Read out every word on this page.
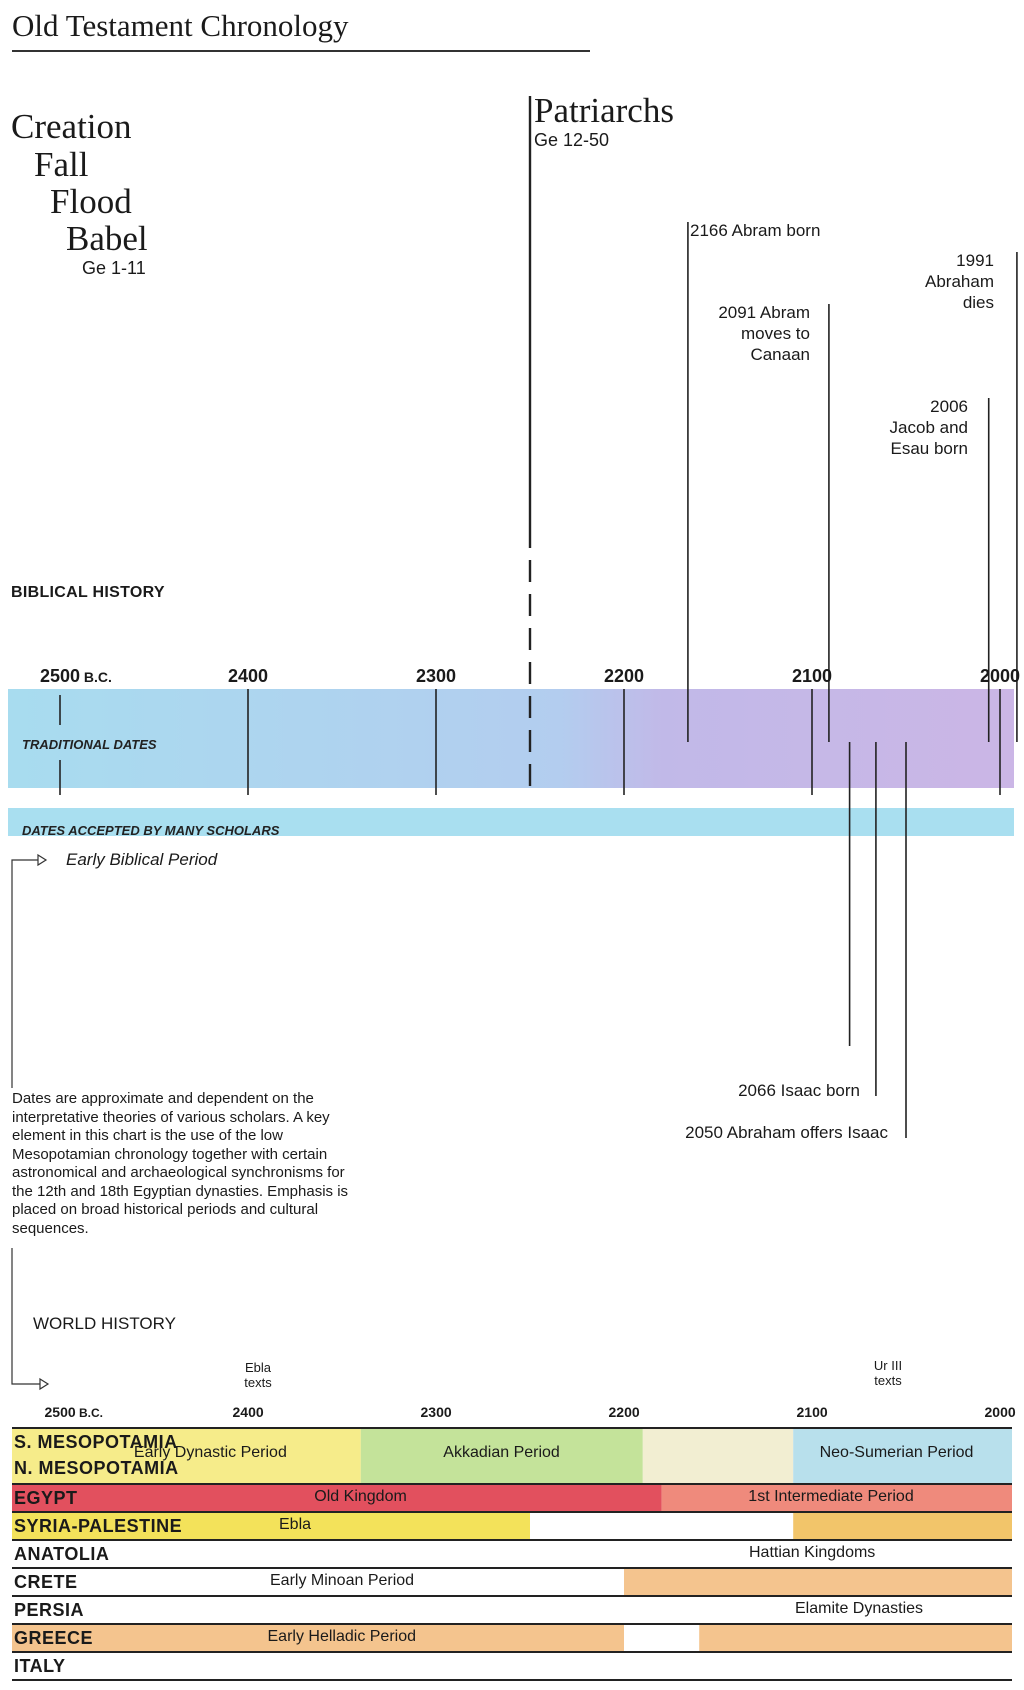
Old Testament Chronology
Creation
Fall
Flood
Babel
Ge 1-11
Patriarchs
Ge 12-50
BIBLICAL HISTORY
2500 B.C.	2400	2300	2200	2100	2000
TRADITIONAL DATES
DATES ACCEPTED BY MANY SCHOLARS
Early Biblical Period
2166 Abram born
2091 Abram
moves to
Canaan
2006
Jacob and
Esau born
1991
Abraham
dies
2066 Isaac born
2050 Abraham offers Isaac
Dates are approximate and dependent on the interpretative theories of various scholars. A key element in this chart is the use of the low Mesopotamian chronology together with certain astronomical and archaeological synchronisms for the 12th and 18th Egyptian dynasties. Emphasis is placed on broad historical periods and cultural sequences.
WORLD HISTORY
2500 B.C.	2400	2300	2200	2100	2000
Ebla
texts
Ur III
texts
S. MESOPOTAMIA
N. MESOPOTAMIA
Early Dynastic Period	Akkadian Period	Neo-Sumerian Period
EGYPT	Old Kingdom	1st Intermediate Period
SYRIA-PALESTINE	Ebla
ANATOLIA	Hattian Kingdoms
CRETE	Early Minoan Period
PERSIA	Elamite Dynasties
GREECE	Early Helladic Period
ITALY
